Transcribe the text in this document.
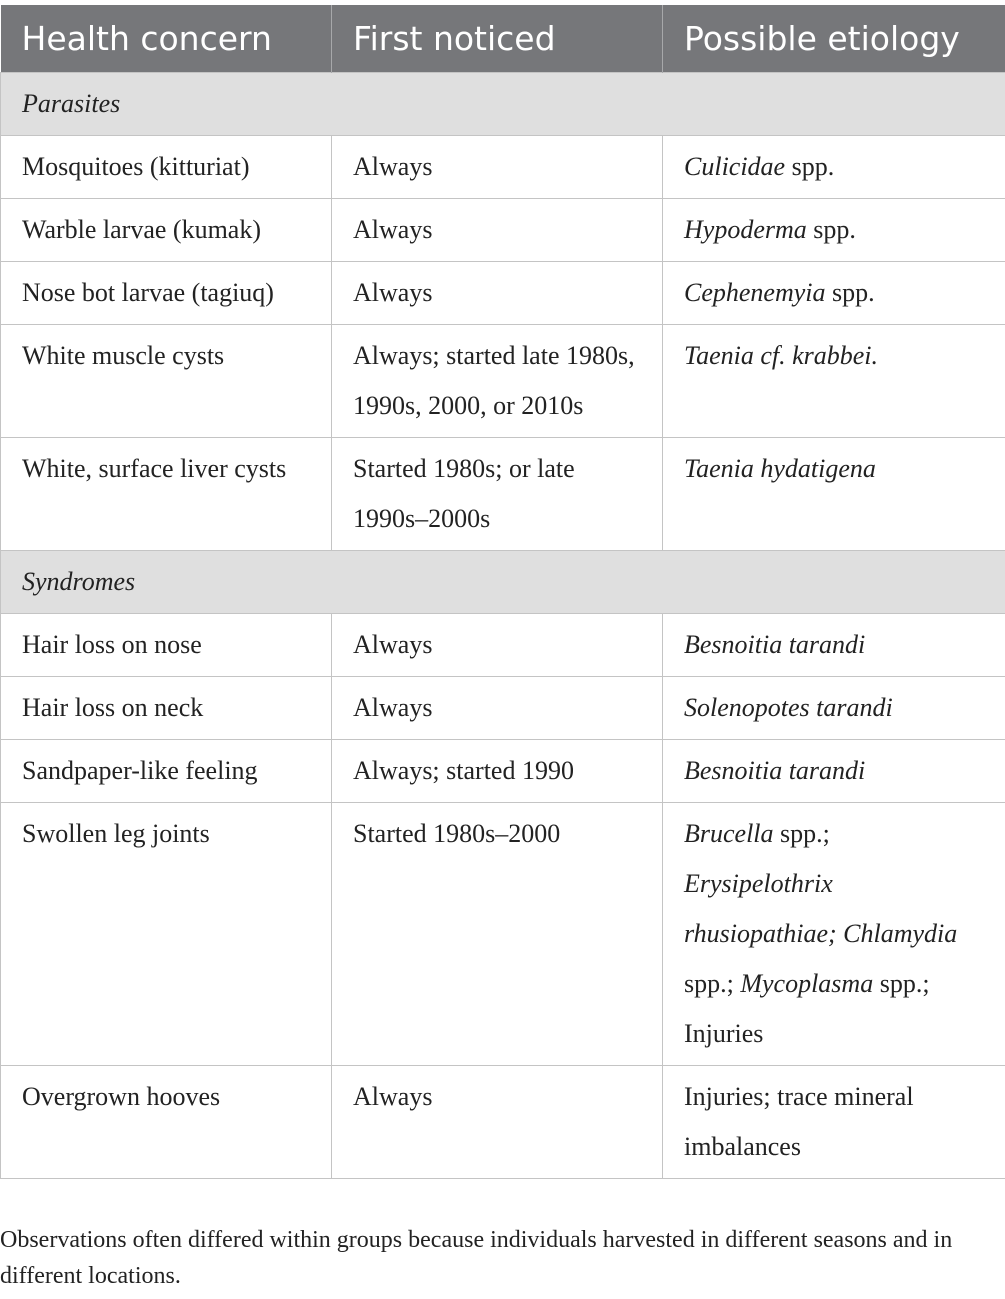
Health concern	First noticed	Possible etiology
Parasites		
Mosquitoes (kitturiat)	Always	Culicidae spp.
Warble larvae (kumak)	Always	Hypoderma spp.
Nose bot larvae (tagiuq)	Always	Cephenemyia spp.
White muscle cysts	Always; started late 1980s, 1990s, 2000, or 2010s	Taenia cf. krabbei.
White, surface liver cysts	Started 1980s; or late 1990s–2000s	Taenia hydatigena
Syndromes		
Hair loss on nose	Always	Besnoitia tarandi
Hair loss on neck	Always	Solenopotes tarandi
Sandpaper-like feeling	Always; started 1990	Besnoitia tarandi
Swollen leg joints	Started 1980s–2000	Brucella spp.; Erysipelothrix rhusiopathiae; Chlamydia spp.; Mycoplasma spp.; Injuries
Overgrown hooves	Always	Injuries; trace mineral imbalances
Observations often differed within groups because individuals harvested in different seasons and in different locations.
